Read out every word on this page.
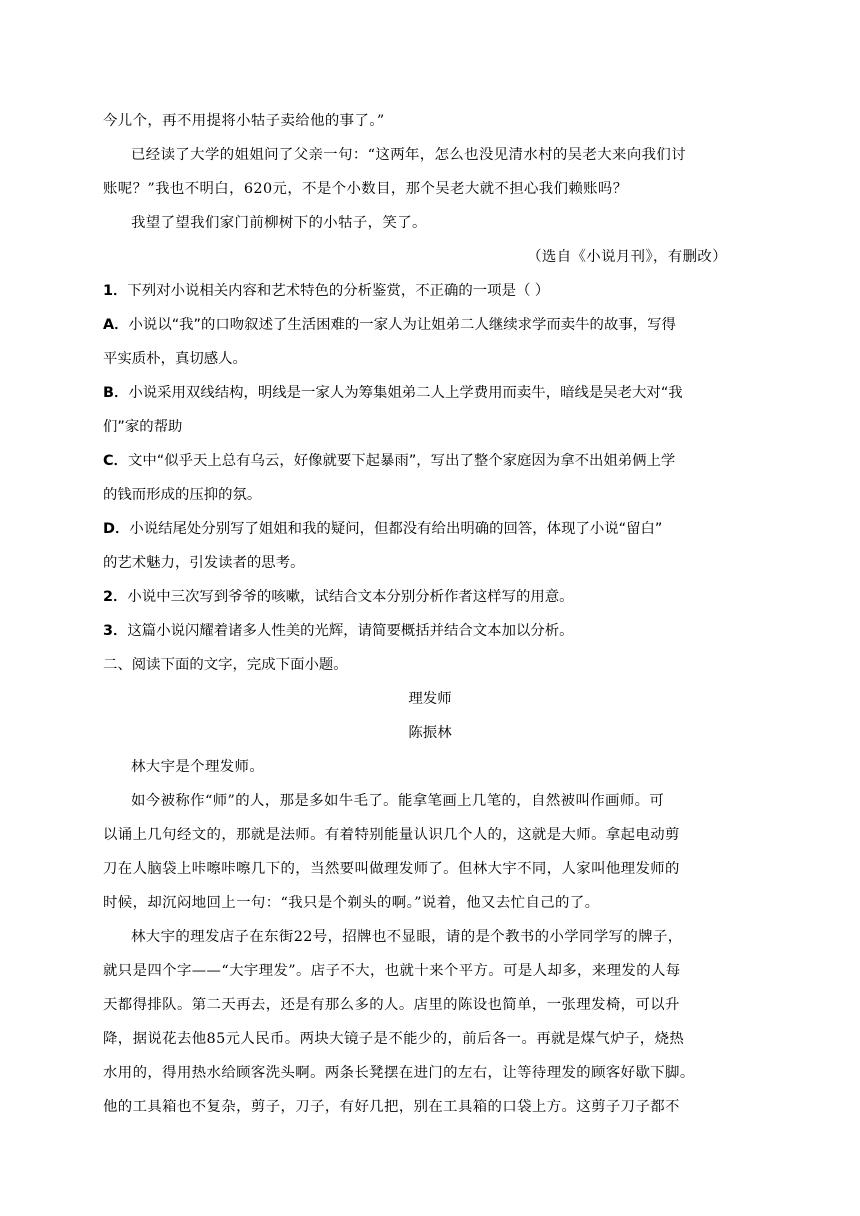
今儿个，再不用提将小牯子卖给他的事了。”
已经读了大学的姐姐问了父亲一句：“这两年，怎么也没见清水村的吴老大来向我们讨
账呢？”我也不明白，620元，不是个小数目，那个吴老大就不担心我们赖账吗？
我望了望我们家门前柳树下的小牯子，笑了。
（选自《小说月刊》，有删改）
1．下列对小说相关内容和艺术特色的分析鉴赏，不正确的一项是（ ）
A．小说以“我”的口吻叙述了生活困难的一家人为让姐弟二人继续求学而卖牛的故事，写得
平实质朴，真切感人。
B．小说采用双线结构，明线是一家人为筹集姐弟二人上学费用而卖牛，暗线是吴老大对“我
们”家的帮助
C．文中“似乎天上总有乌云，好像就要下起暴雨”，写出了整个家庭因为拿不出姐弟俩上学
的钱而形成的压抑的氛。
D．小说结尾处分别写了姐姐和我的疑问，但都没有给出明确的回答，体现了小说“留白”
的艺术魅力，引发读者的思考。
2．小说中三次写到爷爷的咳嗽，试结合文本分别分析作者这样写的用意。
3．这篇小说闪耀着诸多人性美的光辉，请简要概括并结合文本加以分析。
二、阅读下面的文字，完成下面小题。
理发师
陈振林
林大宇是个理发师。
如今被称作“师”的人，那是多如牛毛了。能拿笔画上几笔的，自然被叫作画师。可
以诵上几句经文的，那就是法师。有着特别能量认识几个人的，这就是大师。拿起电动剪
刀在人脑袋上咔嚓咔嚓几下的，当然要叫做理发师了。但林大宇不同，人家叫他理发师的
时候，却沉闷地回上一句：“我只是个剃头的啊。”说着，他又去忙自己的了。
林大宇的理发店子在东街22号，招牌也不显眼，请的是个教书的小学同学写的牌子，
就只是四个字——“大宇理发”。店子不大，也就十来个平方。可是人却多，来理发的人每
天都得排队。第二天再去，还是有那么多的人。店里的陈设也简单，一张理发椅，可以升
降，据说花去他85元人民币。两块大镜子是不能少的，前后各一。再就是煤气炉子，烧热
水用的，得用热水给顾客洗头啊。两条长凳摆在进门的左右，让等待理发的顾客好歇下脚。
他的工具箱也不复杂，剪子，刀子，有好几把，别在工具箱的口袋上方。这剪子刀子都不
